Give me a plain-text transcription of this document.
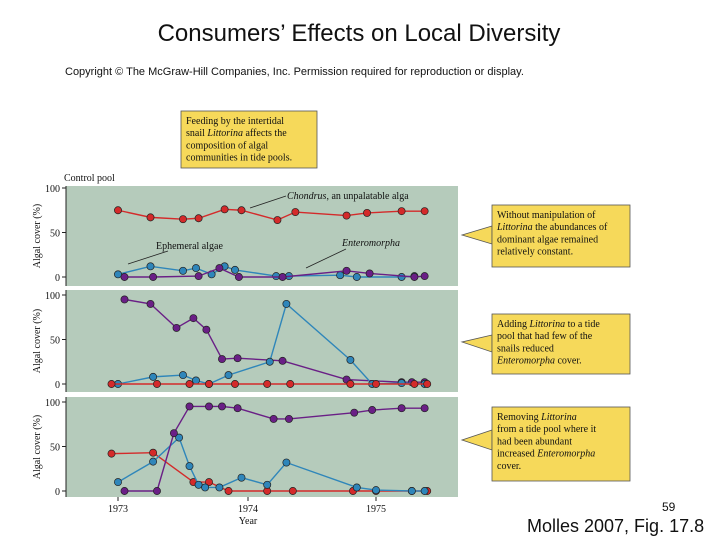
Consumers’ Effects on Local Diversity
Copyright © The McGraw-Hill Companies, Inc. Permission required for reproduction or display.
Feeding by the intertidal
snail Littorina affects the
composition of algal
communities in tide pools.
Without manipulation of
Littorina the abundances of
dominant algae remained
relatively constant.
Adding Littorina to a tide
pool that had few of the
snails reduced
Enteromorpha cover.
Removing Littorina
from a tide pool where it
had been abundant
increased Enteromorpha
cover.
0
50
100
Algal cover (%)
0
50
100
Algal cover (%)
0
50
100
Algal cover (%)
Control pool
Chondrus, an unpalatable alga
Ephemeral algae	Enteromorpha
1973	1974	1975
Year
59
Molles 2007, Fig. 17.8
